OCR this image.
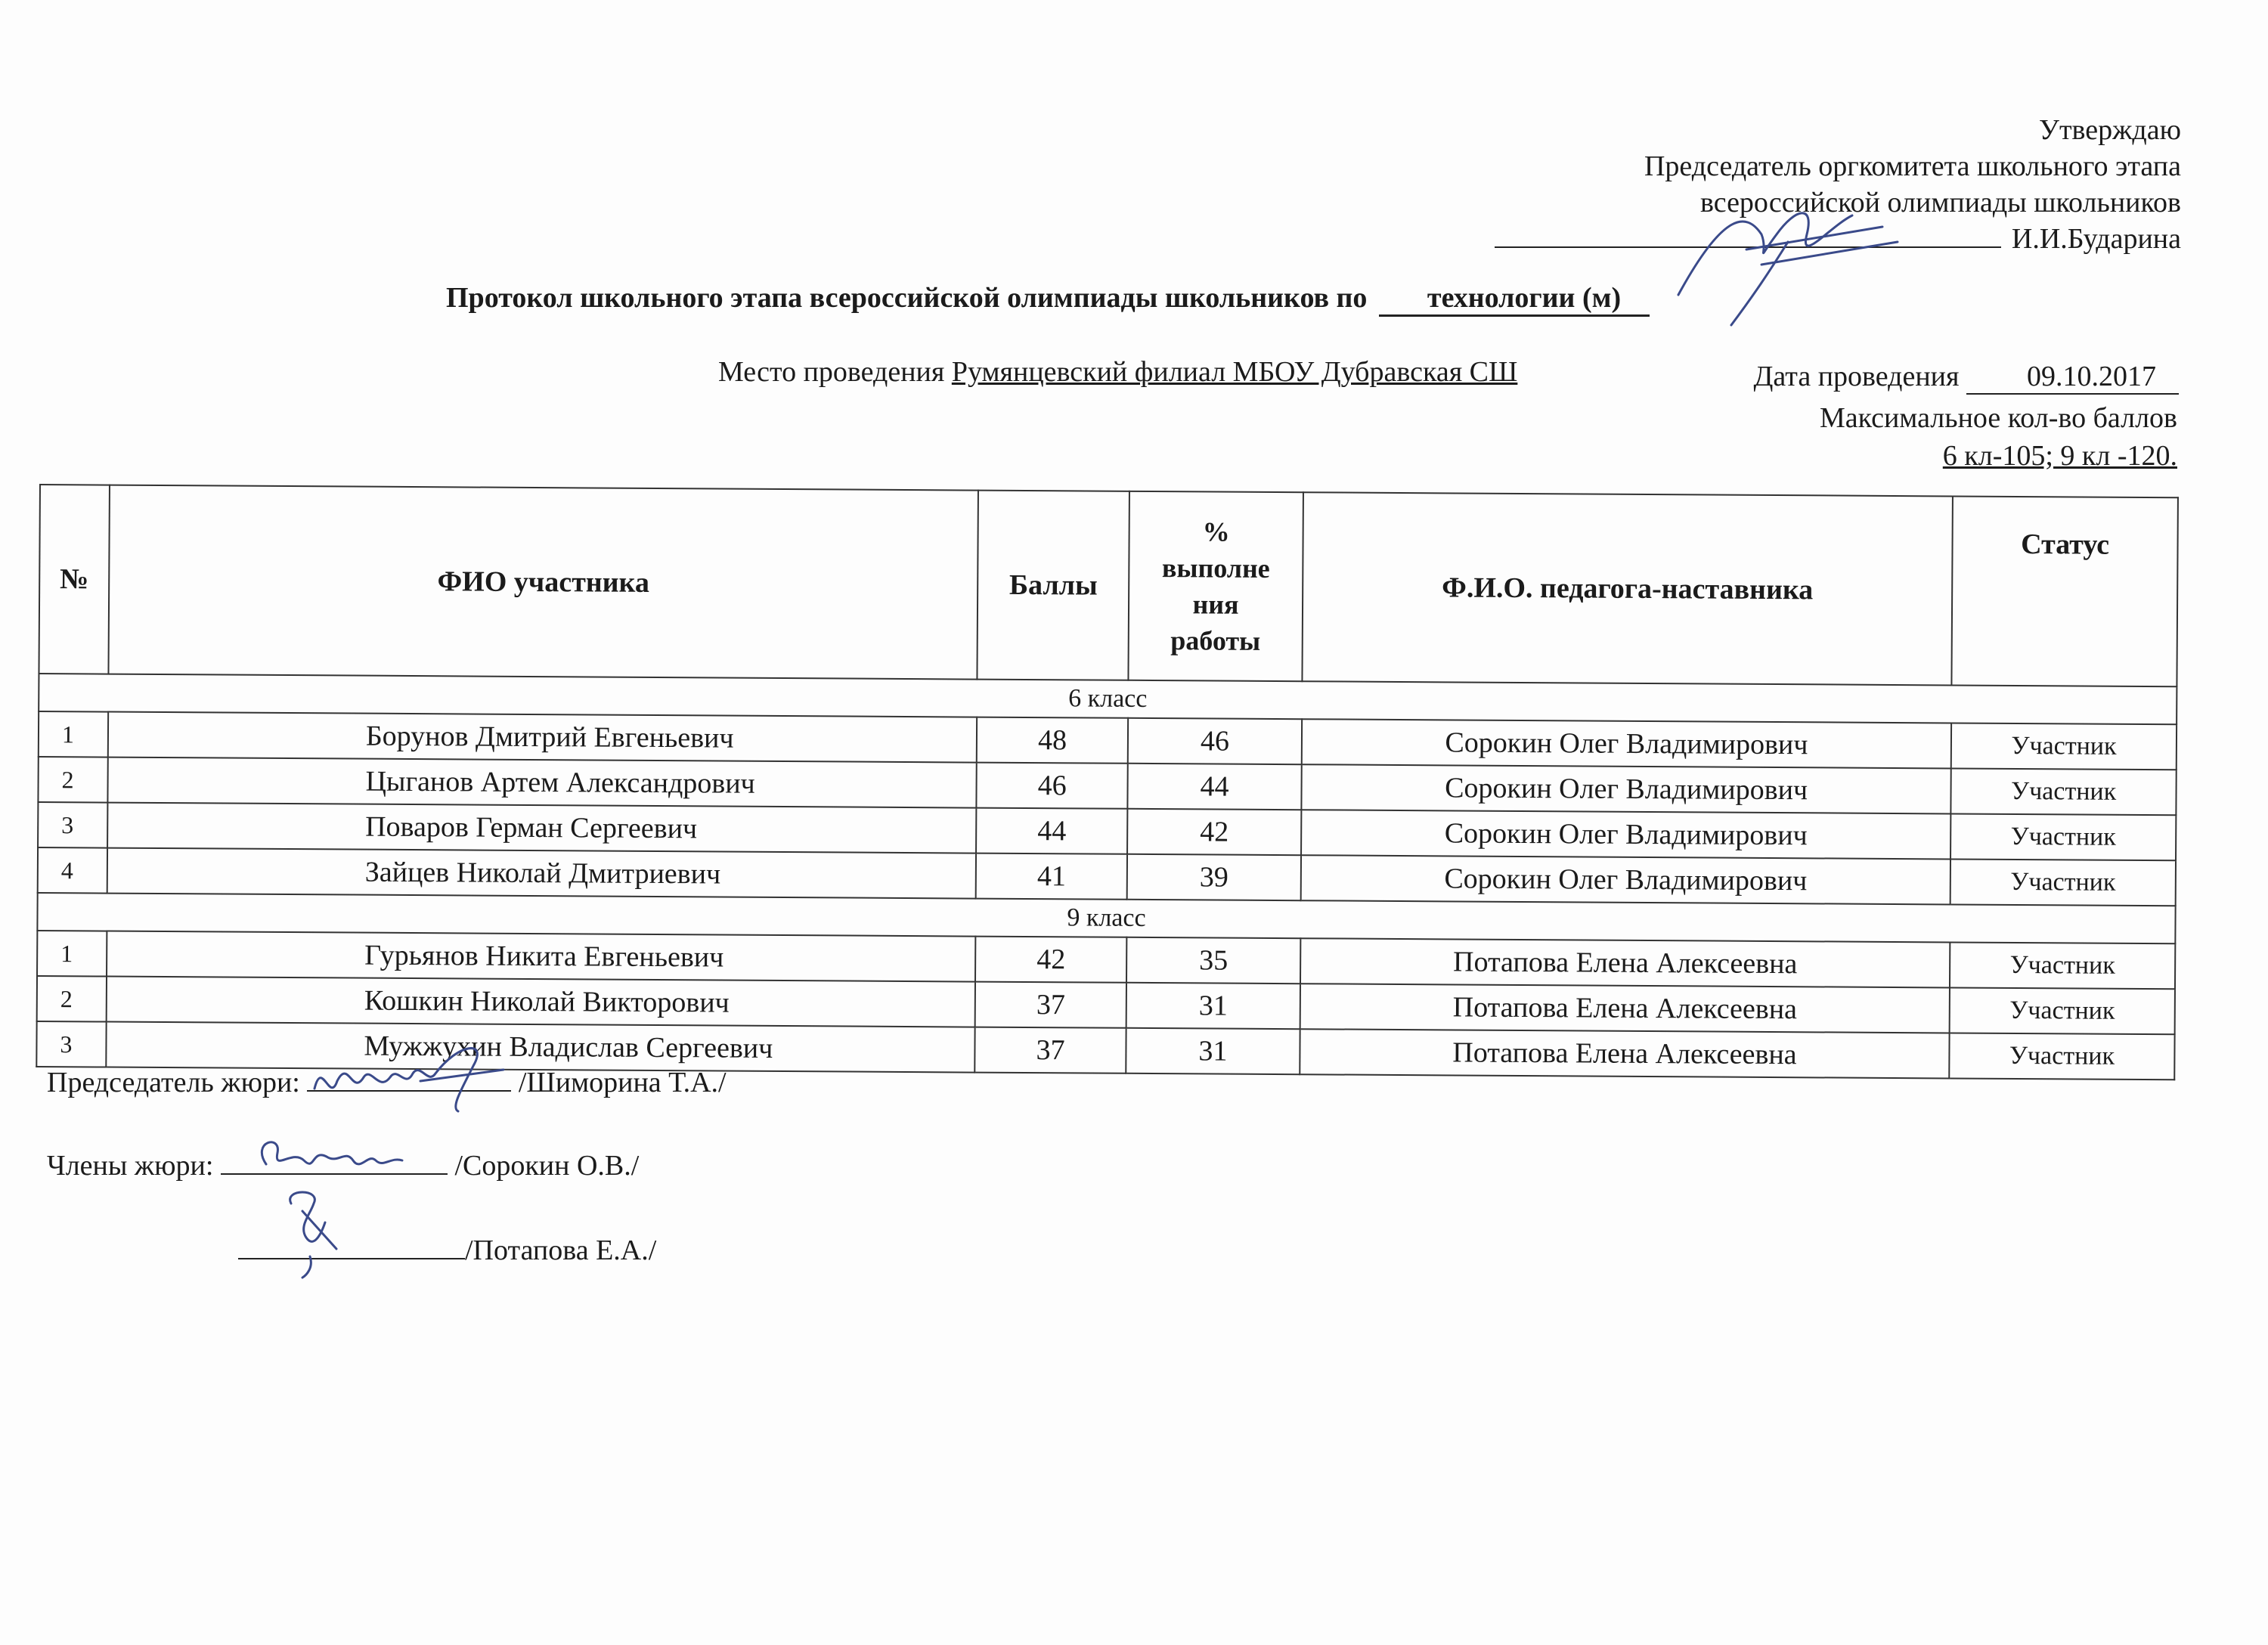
Утверждаю
Председатель оргкомитета школьного этапа
всероссийской олимпиады школьников
И.И.Бударина
Протокол школьного этапа всероссийской олимпиады школьников по технологии (м)
Место проведения Румянцевский филиал МБОУ Дубравская СШ	Дата проведения 09.10.2017
Максимальное кол-во баллов
6 кл-105; 9 кл -120.
№	ФИО участника	Баллы	%
выполне
ния
работы	Ф.И.О. педагога-наставника	Статус
6 класс					
1	Борунов Дмитрий Евгеньевич	48	46	Сорокин Олег Владимирович	Участник
2	Цыганов Артем Александрович	46	44	Сорокин Олег Владимирович	Участник
3	Поваров Герман Сергеевич	44	42	Сорокин Олег Владимирович	Участник
4	Зайцев Николай Дмитриевич	41	39	Сорокин Олег Владимирович	Участник
9 класс					
1	Гурьянов Никита Евгеньевич	42	35	Потапова Елена Алексеевна	Участник
2	Кошкин Николай Викторович	37	31	Потапова Елена Алексеевна	Участник
3	Мужжухин Владислав Сергеевич	37	31	Потапова Елена Алексеевна	Участник
Председатель жюри:	/Шиморина Т.А./
Члены жюри:	/Сорокин О.В./
/Потапова Е.А./
